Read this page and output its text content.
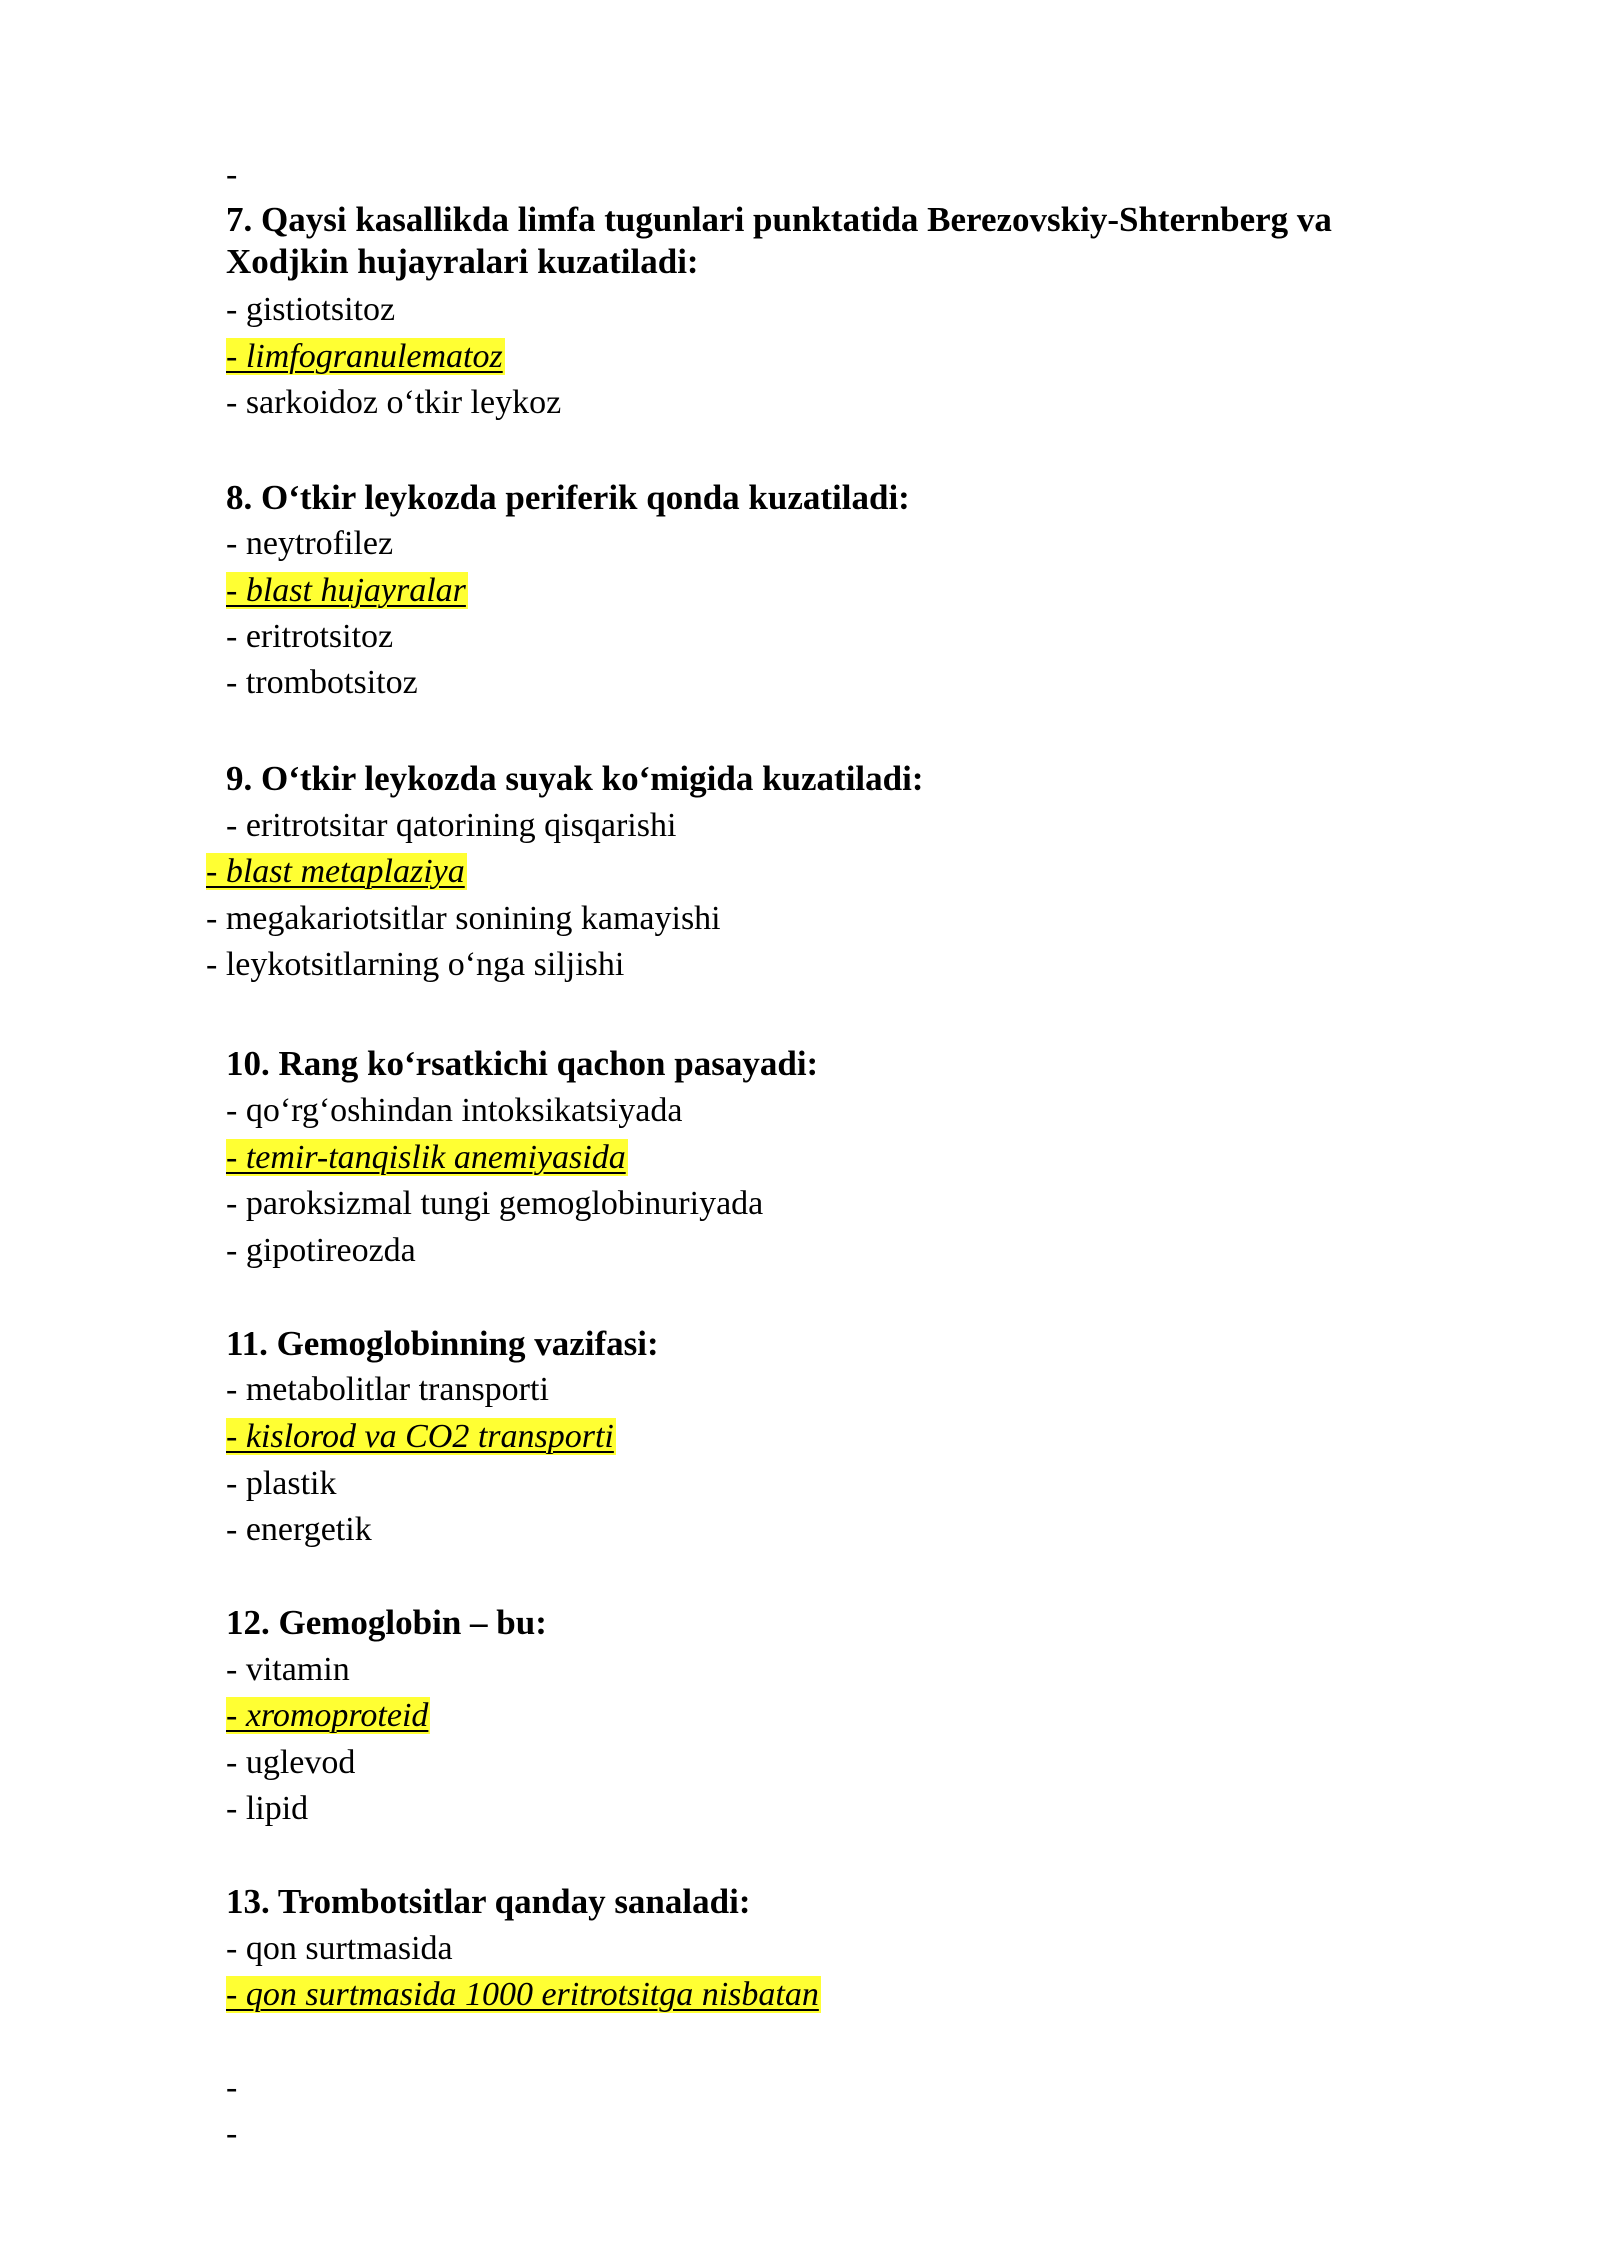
-
7. Qaysi kasallikda limfa tugunlari punktatida Berezovskiy-Shternberg va
Xodjkin hujayralari kuzatiladi:
- gistiotsitoz
- limfogranulematoz
- sarkoidoz o‘tkir leykoz
8. O‘tkir leykozda periferik qonda kuzatiladi:
- neytrofilez
- blast hujayralar
- eritrotsitoz
- trombotsitoz
9. O‘tkir leykozda suyak ko‘migida kuzatiladi:
- eritrotsitar qatorining qisqarishi
- blast metaplaziya
- megakariotsitlar sonining kamayishi
- leykotsitlarning o‘nga siljishi
10. Rang ko‘rsatkichi qachon pasayadi:
- qo‘rg‘oshindan intoksikatsiyada
- temir-tanqislik anemiyasida
- paroksizmal tungi gemoglobinuriyada
- gipotireozda
11. Gemoglobinning vazifasi:
- metabolitlar transporti
- kislorod va CO2 transporti
- plastik
- energetik
12. Gemoglobin – bu:
- vitamin
- xromoproteid
- uglevod
- lipid
13. Trombotsitlar qanday sanaladi:
- qon surtmasida
- qon surtmasida 1000 eritrotsitga nisbatan
-
-
